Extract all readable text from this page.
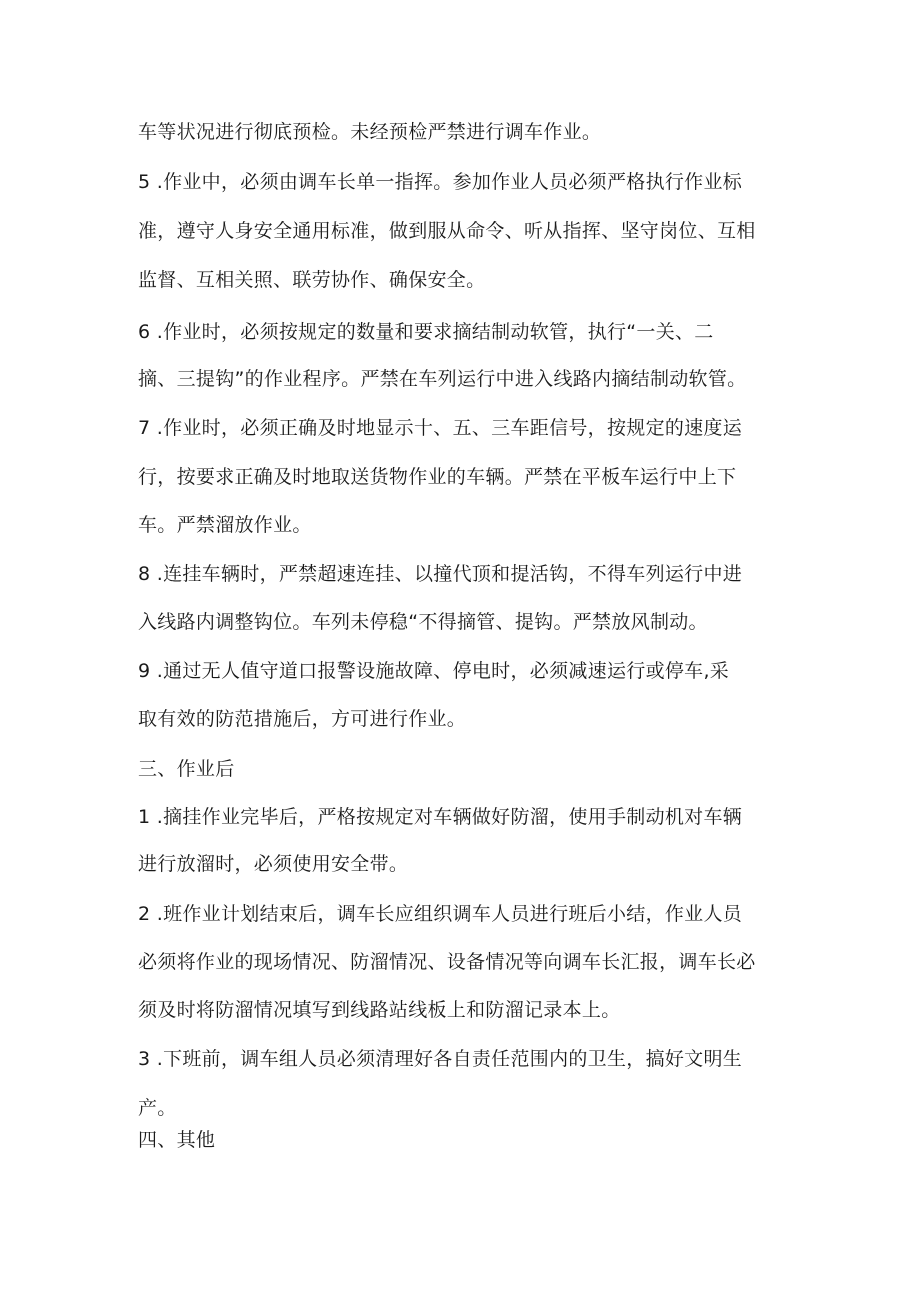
车等状况进行彻底预检。未经预检严禁进行调车作业。
5 .作业中，必须由调车长单一指挥。参加作业人员必须严格执行作业标
准，遵守人身安全通用标准，做到服从命令、听从指挥、坚守岗位、互相
监督、互相关照、联劳协作、确保安全。
6 .作业时，必须按规定的数量和要求摘结制动软管，执行“一关、二
摘、三提钩”的作业程序。严禁在车列运行中进入线路内摘结制动软管。
7 .作业时，必须正确及时地显示十、五、三车距信号，按规定的速度运
行，按要求正确及时地取送货物作业的车辆。严禁在平板车运行中上下
车。严禁溜放作业。
8 .连挂车辆时，严禁超速连挂、以撞代顶和提活钩，不得车列运行中进
入线路内调整钩位。车列未停稳“不得摘管、提钩。严禁放风制动。
9 .通过无人值守道口报警设施故障、停电时，必须减速运行或停车,采
取有效的防范措施后，方可进行作业。
三、作业后
1 .摘挂作业完毕后，严格按规定对车辆做好防溜，使用手制动机对车辆
进行放溜时，必须使用安全带。
2 .班作业计划结束后，调车长应组织调车人员进行班后小结，作业人员
必须将作业的现场情况、防溜情况、设备情况等向调车长汇报，调车长必
须及时将防溜情况填写到线路站线板上和防溜记录本上。
3 .下班前，调车组人员必须清理好各自责任范围内的卫生，搞好文明生
产。
四、其他
